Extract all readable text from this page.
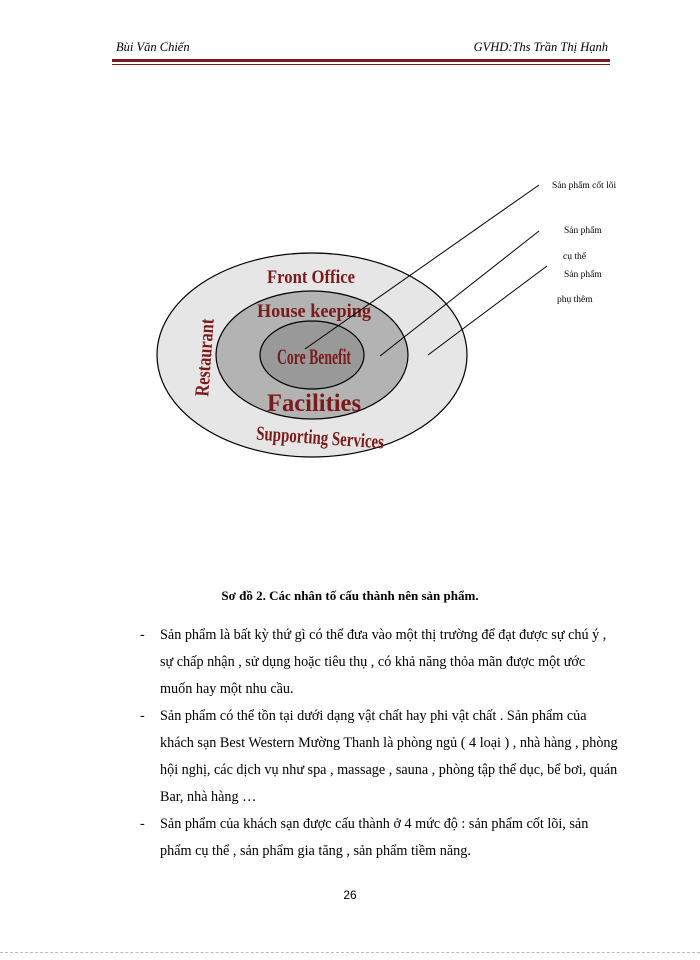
Bùi Văn Chiến	GVHD:Ths Trần Thị Hạnh
Front Office
House keeping
Core Benefit
Facilities
Supporting Services
Restaurant
Sản phẩm cốt lõi
Sản phẩm
cụ thể
Sản phẩm
phụ thêm
Sơ đồ 2. Các nhân tố cấu thành nên sản phẩm.
- Sản phẩm là bất kỳ thứ gì có thể đưa vào một thị trường để đạt được sự chú ý , sự chấp nhận , sử dụng hoặc tiêu thụ , có khả năng thỏa mãn được một ước muốn hay một nhu cầu.
- Sản phẩm có thể tồn tại dưới dạng vật chất hay phi vật chất . Sản phẩm của khách sạn Best Western Mường Thanh là phòng ngủ ( 4 loại ) , nhà hàng , phòng hội nghị, các dịch vụ như spa , massage , sauna , phòng tập thể dục, bể bơi, quán Bar, nhà hàng …
- Sản phẩm của khách sạn được cấu thành ở 4 mức độ : sản phẩm cốt lõi, sản phẩm cụ thể , sản phẩm gia tăng , sản phẩm tiềm năng.
26
